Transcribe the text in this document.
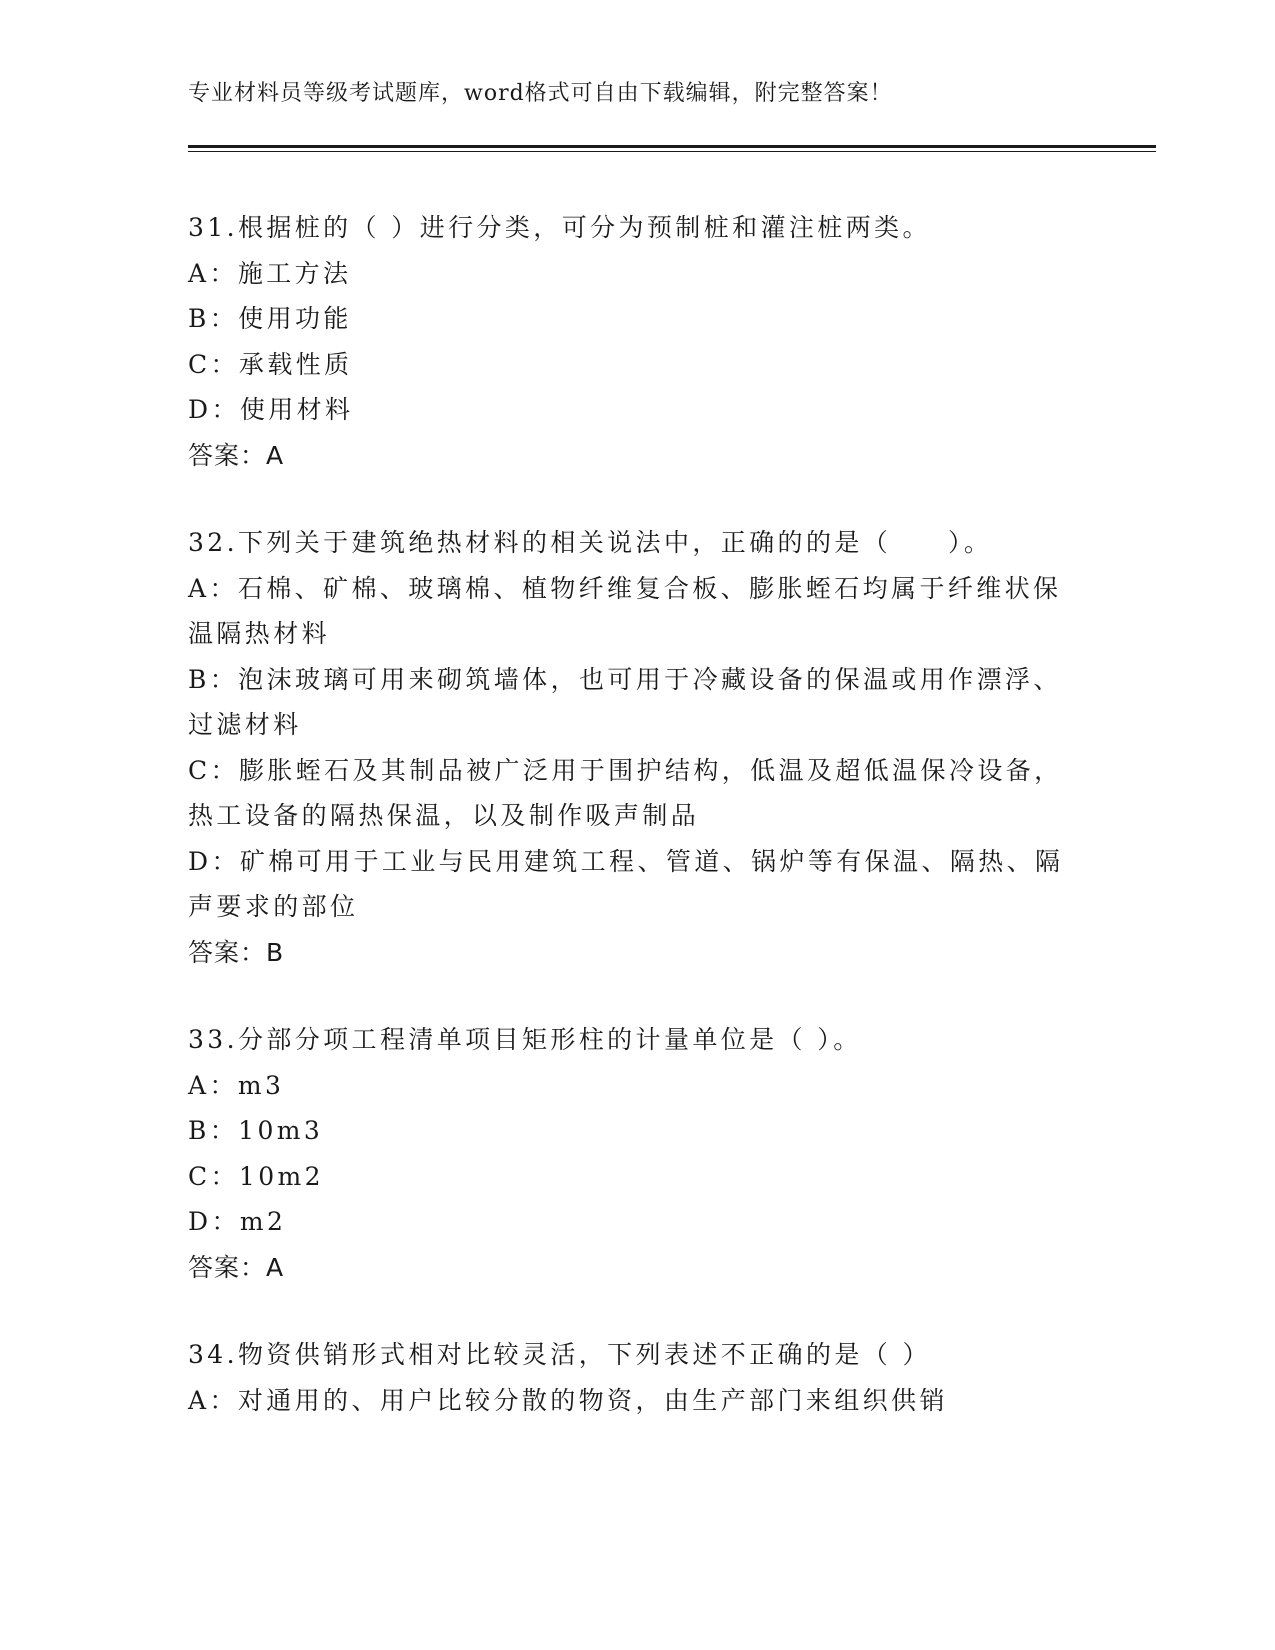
专业材料员等级考试题库，word格式可自由下载编辑，附完整答案！
31.根据桩的（ ）进行分类，可分为预制桩和灌注桩两类。
A：施工方法
B：使用功能
C：承载性质
D：使用材料
答案：A
32.下列关于建筑绝热材料的相关说法中，正确的的是（　　）。
A：石棉、矿棉、玻璃棉、植物纤维复合板、膨胀蛭石均属于纤维状保
温隔热材料
B：泡沫玻璃可用来砌筑墙体，也可用于冷藏设备的保温或用作漂浮、
过滤材料
C：膨胀蛭石及其制品被广泛用于围护结构，低温及超低温保冷设备，
热工设备的隔热保温，以及制作吸声制品
D：矿棉可用于工业与民用建筑工程、管道、锅炉等有保温、隔热、隔
声要求的部位
答案：B
33.分部分项工程清单项目矩形柱的计量单位是（ ）。
A：m3
B：10m3
C：10m2
D：m2
答案：A
34.物资供销形式相对比较灵活，下列表述不正确的是（ ）
A：对通用的、用户比较分散的物资，由生产部门来组织供销
